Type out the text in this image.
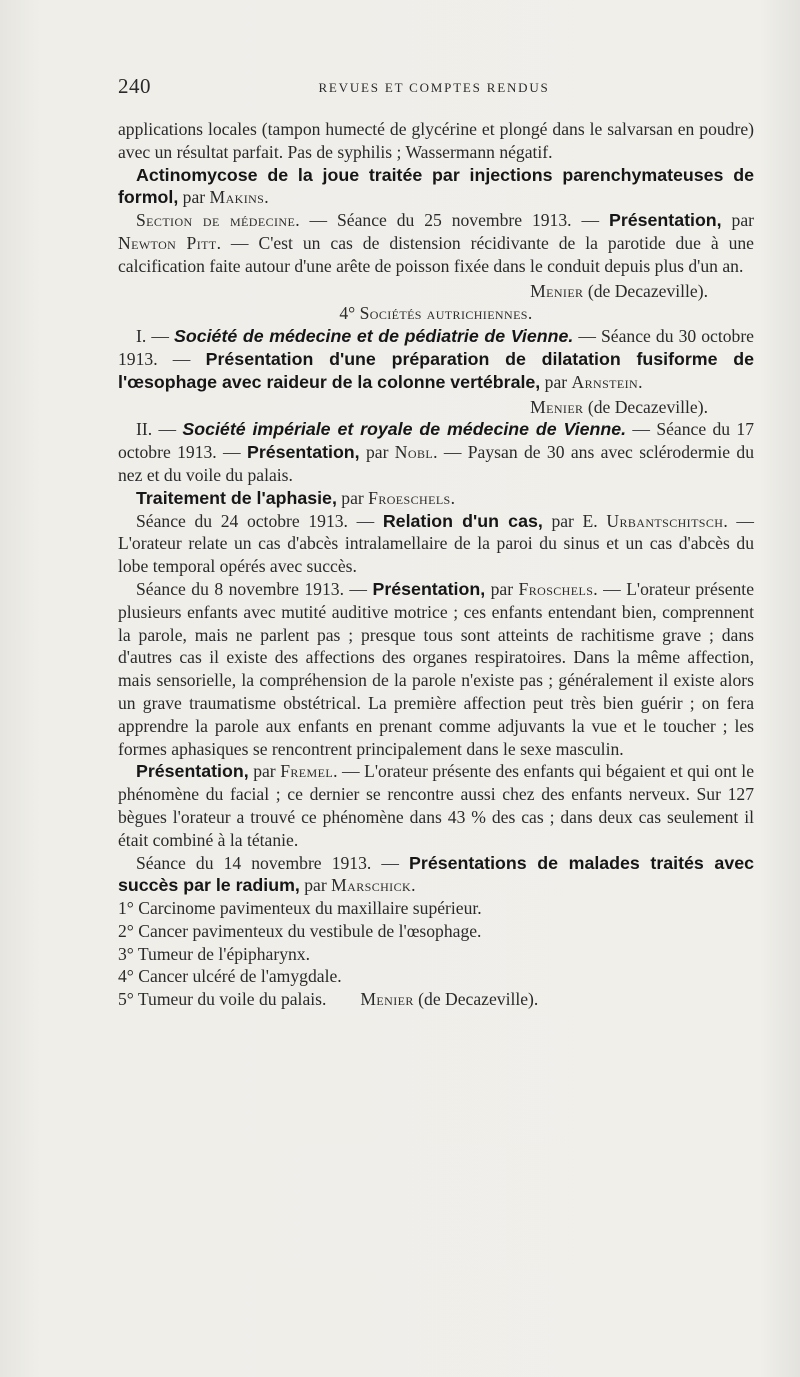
240	REVUES ET COMPTES RENDUS

applications locales (tampon humecté de glycérine et plongé dans le salvarsan en poudre) avec un résultat parfait. Pas de syphilis ; Wassermann négatif.

Actinomycose de la joue traitée par injections parenchymateuses de formol, par Makins.

Section de médecine. — Séance du 25 novembre 1913. — Présentation, par Newton Pitt. — C'est un cas de distension récidivante de la parotide due à une calcification faite autour d'une arête de poisson fixée dans le conduit depuis plus d'un an.

Menier (de Decazeville).

4° Sociétés autrichiennes.

I. — Société de médecine et de pédiatrie de Vienne. — Séance du 30 octobre 1913. — Présentation d'une préparation de dilatation fusiforme de l'œsophage avec raideur de la colonne vertébrale, par Arnstein.

Menier (de Decazeville).

II. — Société impériale et royale de médecine de Vienne. — Séance du 17 octobre 1913. — Présentation, par Nobl. — Paysan de 30 ans avec sclérodermie du nez et du voile du palais.

Traitement de l'aphasie, par Froeschels.

Séance du 24 octobre 1913. — Relation d'un cas, par E. Urbantschitsch. — L'orateur relate un cas d'abcès intralamellaire de la paroi du sinus et un cas d'abcès du lobe temporal opérés avec succès.

Séance du 8 novembre 1913. — Présentation, par Froschels. — L'orateur présente plusieurs enfants avec mutité auditive motrice ; ces enfants entendant bien, comprennent la parole, mais ne parlent pas ; presque tous sont atteints de rachitisme grave ; dans d'autres cas il existe des affections des organes respiratoires. Dans la même affection, mais sensorielle, la compréhension de la parole n'existe pas ; généralement il existe alors un grave traumatisme obstétrical. La première affection peut très bien guérir ; on fera apprendre la parole aux enfants en prenant comme adjuvants la vue et le toucher ; les formes aphasiques se rencontrent principalement dans le sexe masculin.

Présentation, par Fremel. — L'orateur présente des enfants qui bégaient et qui ont le phénomène du facial ; ce dernier se rencontre aussi chez des enfants nerveux. Sur 127 bègues l'orateur a trouvé ce phénomène dans 43 % des cas ; dans deux cas seulement il était combiné à la tétanie.

Séance du 14 novembre 1913. — Présentations de malades traités avec succès par le radium, par Marschick.

1° Carcinome pavimenteux du maxillaire supérieur.

2° Cancer pavimenteux du vestibule de l'œsophage.

3° Tumeur de l'épipharynx.

4° Cancer ulcéré de l'amygdale.

5° Tumeur du voile du palais. Menier (de Decazeville).
